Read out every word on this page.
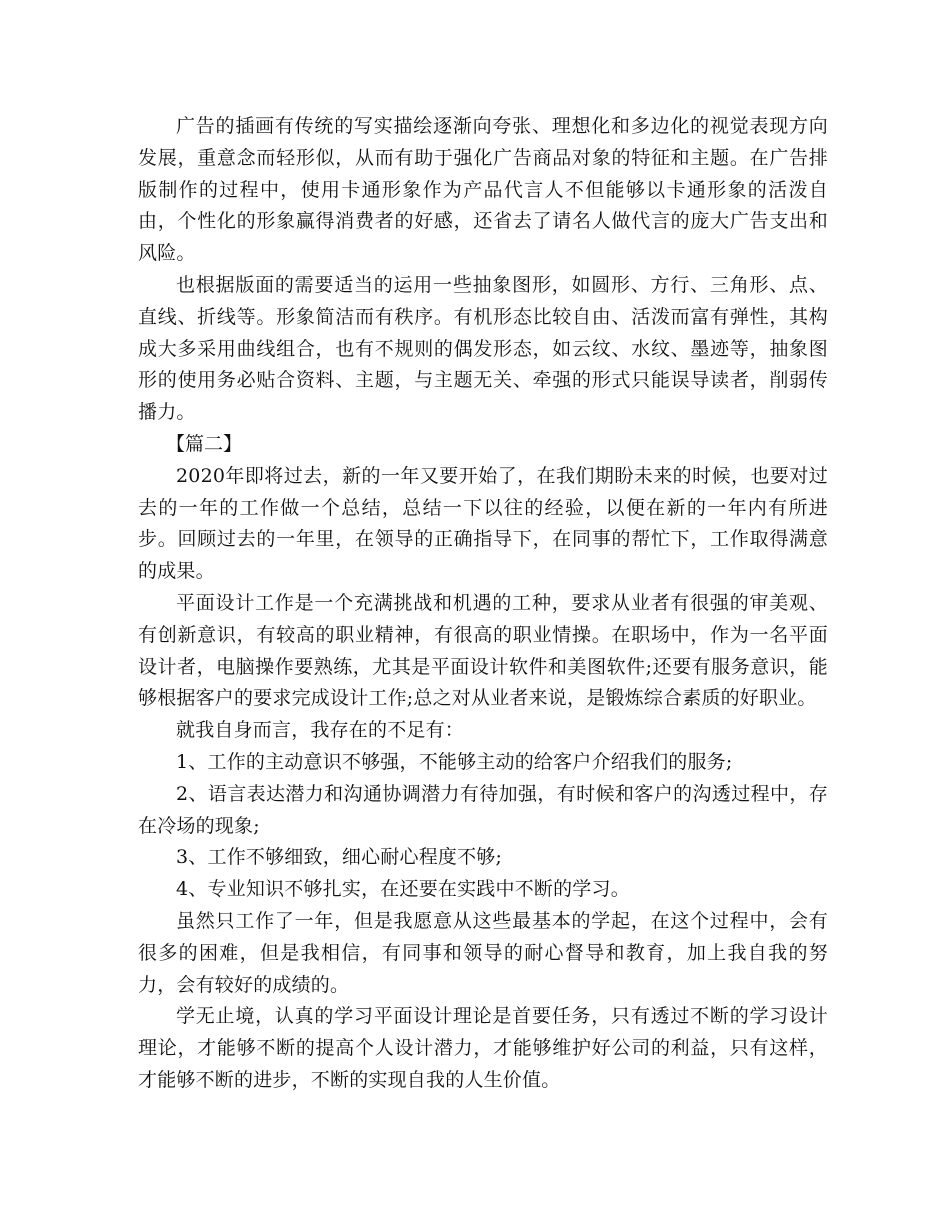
广告的插画有传统的写实描绘逐渐向夸张、理想化和多边化的视觉表现方向发展，重意念而轻形似，从而有助于强化广告商品对象的特征和主题。在广告排版制作的过程中，使用卡通形象作为产品代言人不但能够以卡通形象的活泼自由，个性化的形象赢得消费者的好感，还省去了请名人做代言的庞大广告支出和风险。

也根据版面的需要适当的运用一些抽象图形，如圆形、方行、三角形、点、直线、折线等。形象简洁而有秩序。有机形态比较自由、活泼而富有弹性，其构成大多采用曲线组合，也有不规则的偶发形态，如云纹、水纹、墨迹等，抽象图形的使用务必贴合资料、主题，与主题无关、牵强的形式只能误导读者，削弱传播力。

【篇二】

2020年即将过去，新的一年又要开始了，在我们期盼未来的时候，也要对过去的一年的工作做一个总结，总结一下以往的经验，以便在新的一年内有所进步。回顾过去的一年里，在领导的正确指导下，在同事的帮忙下，工作取得满意的成果。

平面设计工作是一个充满挑战和机遇的工种，要求从业者有很强的审美观、有创新意识，有较高的职业精神，有很高的职业情操。在职场中，作为一名平面设计者，电脑操作要熟练，尤其是平面设计软件和美图软件;还要有服务意识，能够根据客户的要求完成设计工作;总之对从业者来说，是锻炼综合素质的好职业。

就我自身而言，我存在的不足有：

1、工作的主动意识不够强，不能够主动的给客户介绍我们的服务;

2、语言表达潜力和沟通协调潜力有待加强，有时候和客户的沟透过程中，存在冷场的现象;

3、工作不够细致，细心耐心程度不够;

4、专业知识不够扎实，在还要在实践中不断的学习。

虽然只工作了一年，但是我愿意从这些最基本的学起，在这个过程中，会有很多的困难，但是我相信，有同事和领导的耐心督导和教育，加上我自我的努力，会有较好的成绩的。

学无止境，认真的学习平面设计理论是首要任务，只有透过不断的学习设计理论，才能够不断的提高个人设计潜力，才能够维护好公司的利益，只有这样，才能够不断的进步，不断的实现自我的人生价值。
